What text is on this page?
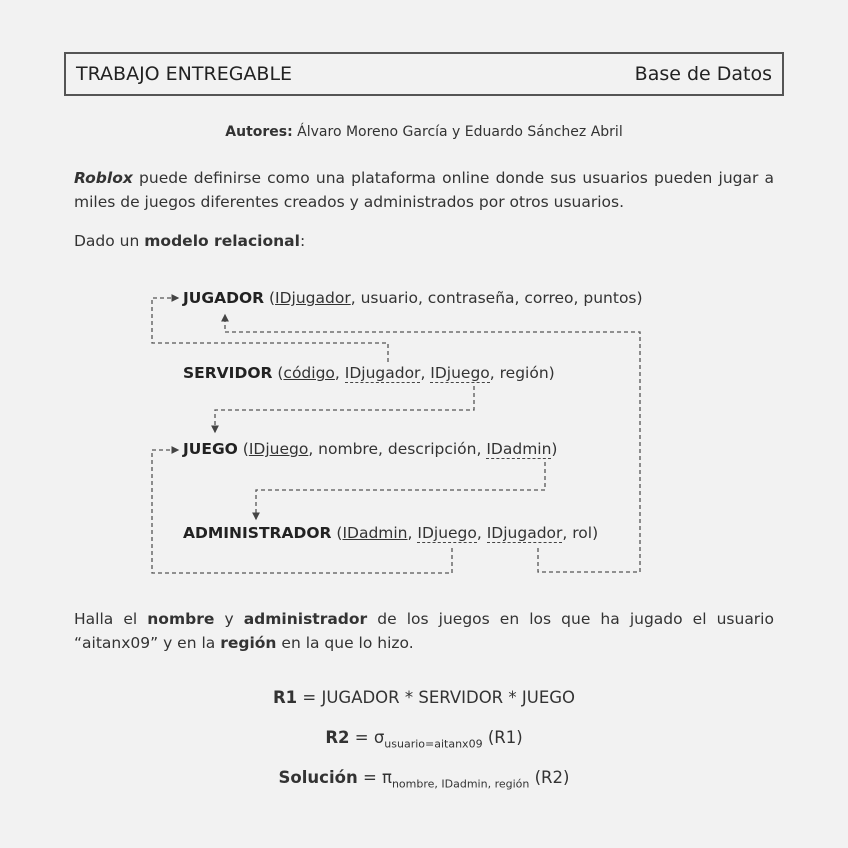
TRABAJO ENTREGABLE	Base de Datos
Autores: Álvaro Moreno García y Eduardo Sánchez Abril
Roblox puede definirse como una plataforma online donde sus usuarios pueden jugar a miles de juegos diferentes creados y administrados por otros usuarios.
Dado un modelo relacional:
JUGADOR (IDjugador, usuario, contraseña, correo, puntos)
SERVIDOR (código, IDjugador, IDjuego, región)
JUEGO (IDjuego, nombre, descripción, IDadmin)
ADMINISTRADOR (IDadmin, IDjuego, IDjugador, rol)
Halla el nombre y administrador de los juegos en los que ha jugado el usuario “aitanx09” y en la región en la que lo hizo.
R1 = JUGADOR * SERVIDOR * JUEGO
$R2 = \sigma_{usuario=aitanx09}$ (R1)
Solución = $\pi_{nombre, IDadmin, región}$ (R2)
